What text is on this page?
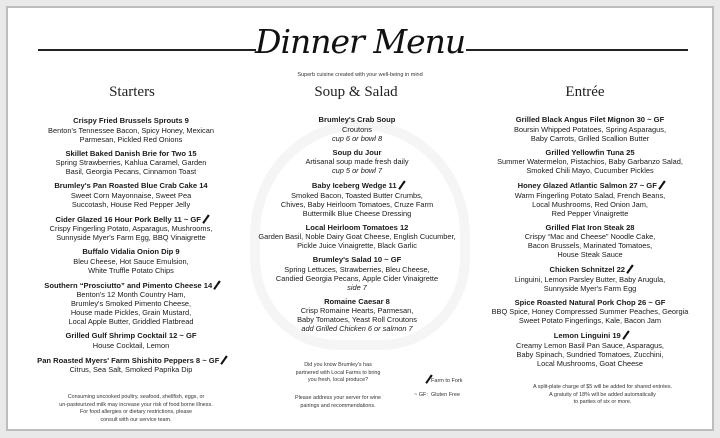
Dinner Menu
Superb cuisine created with your well-being in mind
Starters	Soup & Salad	Entrée
Crispy Fried Brussels Sprouts 9
Benton's Tennessee Bacon, Spicy Honey, Mexican
Parmesan, Pickled Red Onions
Skillet Baked Danish Brie for Two 15
Spring Strawberries, Kahlua Caramel, Garden
Basil, Georgia Pecans, Cinnamon Toast
Brumley's Pan Roasted Blue Crab Cake 14
Sweet Corn Mayonnaise, Sweet Pea
Succotash, House Red Pepper Jelly
Cider Glazed 16 Hour Pork Belly 11 ~ GF
Crispy Fingerling Potato, Asparagus, Mushrooms,
Sunnyside Myer's Farm Egg, BBQ Vinaigrette
Buffalo Vidalia Onion Dip 9
Bleu Cheese, Hot Sauce Emulsion,
White Truffle Potato Chips
Southern “Prosciutto” and Pimento Cheese 14
Benton's 12 Month Country Ham,
Brumley's Smoked Pimento Cheese,
House made Pickles, Grain Mustard,
Local Apple Butter, Griddled Flatbread
Grilled Gulf Shrimp Cocktail 12 ~ GF
House Cocktail, Lemon
Pan Roasted Myers' Farm Shishito Peppers 8 ~ GF
Citrus, Sea Salt, Smoked Paprika Dip
Brumley's Crab Soup
Croutons
cup 6 or bowl 8
Soup du Jour
Artisanal soup made fresh daily
cup 5 or bowl 7
Baby Iceberg Wedge 11
Smoked Bacon, Toasted Butter Crumbs,
Chives, Baby Heirloom Tomatoes, Cruze Farm
Buttermilk Blue Cheese Dressing
Local Heirloom Tomatoes 12
Garden Basil, Noble Dairy Goat Cheese, English Cucumber,
Pickle Juice Vinaigrette, Black Garlic
Brumley's Salad 10 ~ GF
Spring Lettuces, Strawberries, Bleu Cheese,
Candied Georgia Pecans, Apple Cider Vinaigrette
side 7
Romaine Caesar 8
Crisp Romaine Hearts, Parmesan,
Baby Tomatoes, Yeast Roll Croutons
add Grilled Chicken 6 or salmon 7
Grilled Black Angus Filet Mignon 30 ~ GF
Boursin Whipped Potatoes, Spring Asparagus,
Baby Carrots, Grilled Scallion Butter
Grilled Yellowfin Tuna 25
Summer Watermelon, Pistachios, Baby Garbanzo Salad,
Smoked Chili Mayo, Cucumber Pickles
Honey Glazed Atlantic Salmon 27 ~ GF
Warm Fingerling Potato Salad, French Beans,
Local Mushrooms, Red Onion Jam,
Red Pepper Vinaigrette
Grilled Flat Iron Steak 28
Crispy “Mac and Cheese” Noodle Cake,
Bacon Brussels, Marinated Tomatoes,
House Steak Sauce
Chicken Schnitzel 22
Linguini, Lemon Parsley Butter, Baby Arugula,
Sunnyside Myer's Farm Egg
Spice Roasted Natural Pork Chop 26 ~ GF
BBQ Spice, Honey Compressed Summer Peaches, Georgia
Sweet Potato Fingerlings, Kale, Bacon Jam
Lemon Linguini 19
Creamy Lemon Basil Pan Sauce, Asparagus,
Baby Spinach, Sundried Tomatoes, Zucchini,
Local Mushrooms, Goat Cheese
Consuming uncooked poultry, seafood, shellfish, eggs, or
un-pasteurized milk may increase your risk of food borne illness.
For food allergies or dietary restrictions, please
consult with our service team.
Did you know Brumley's has
partnered with Local Farms to bring
you fresh, local produce?
Please address your server for wine
pairings and recommendations.
Farm to Fork
~ GF: Gluten Free
A split-plate charge of $5 will be added for shared entrées.
A gratuity of 18% will be added automatically
to parties of six or more.
